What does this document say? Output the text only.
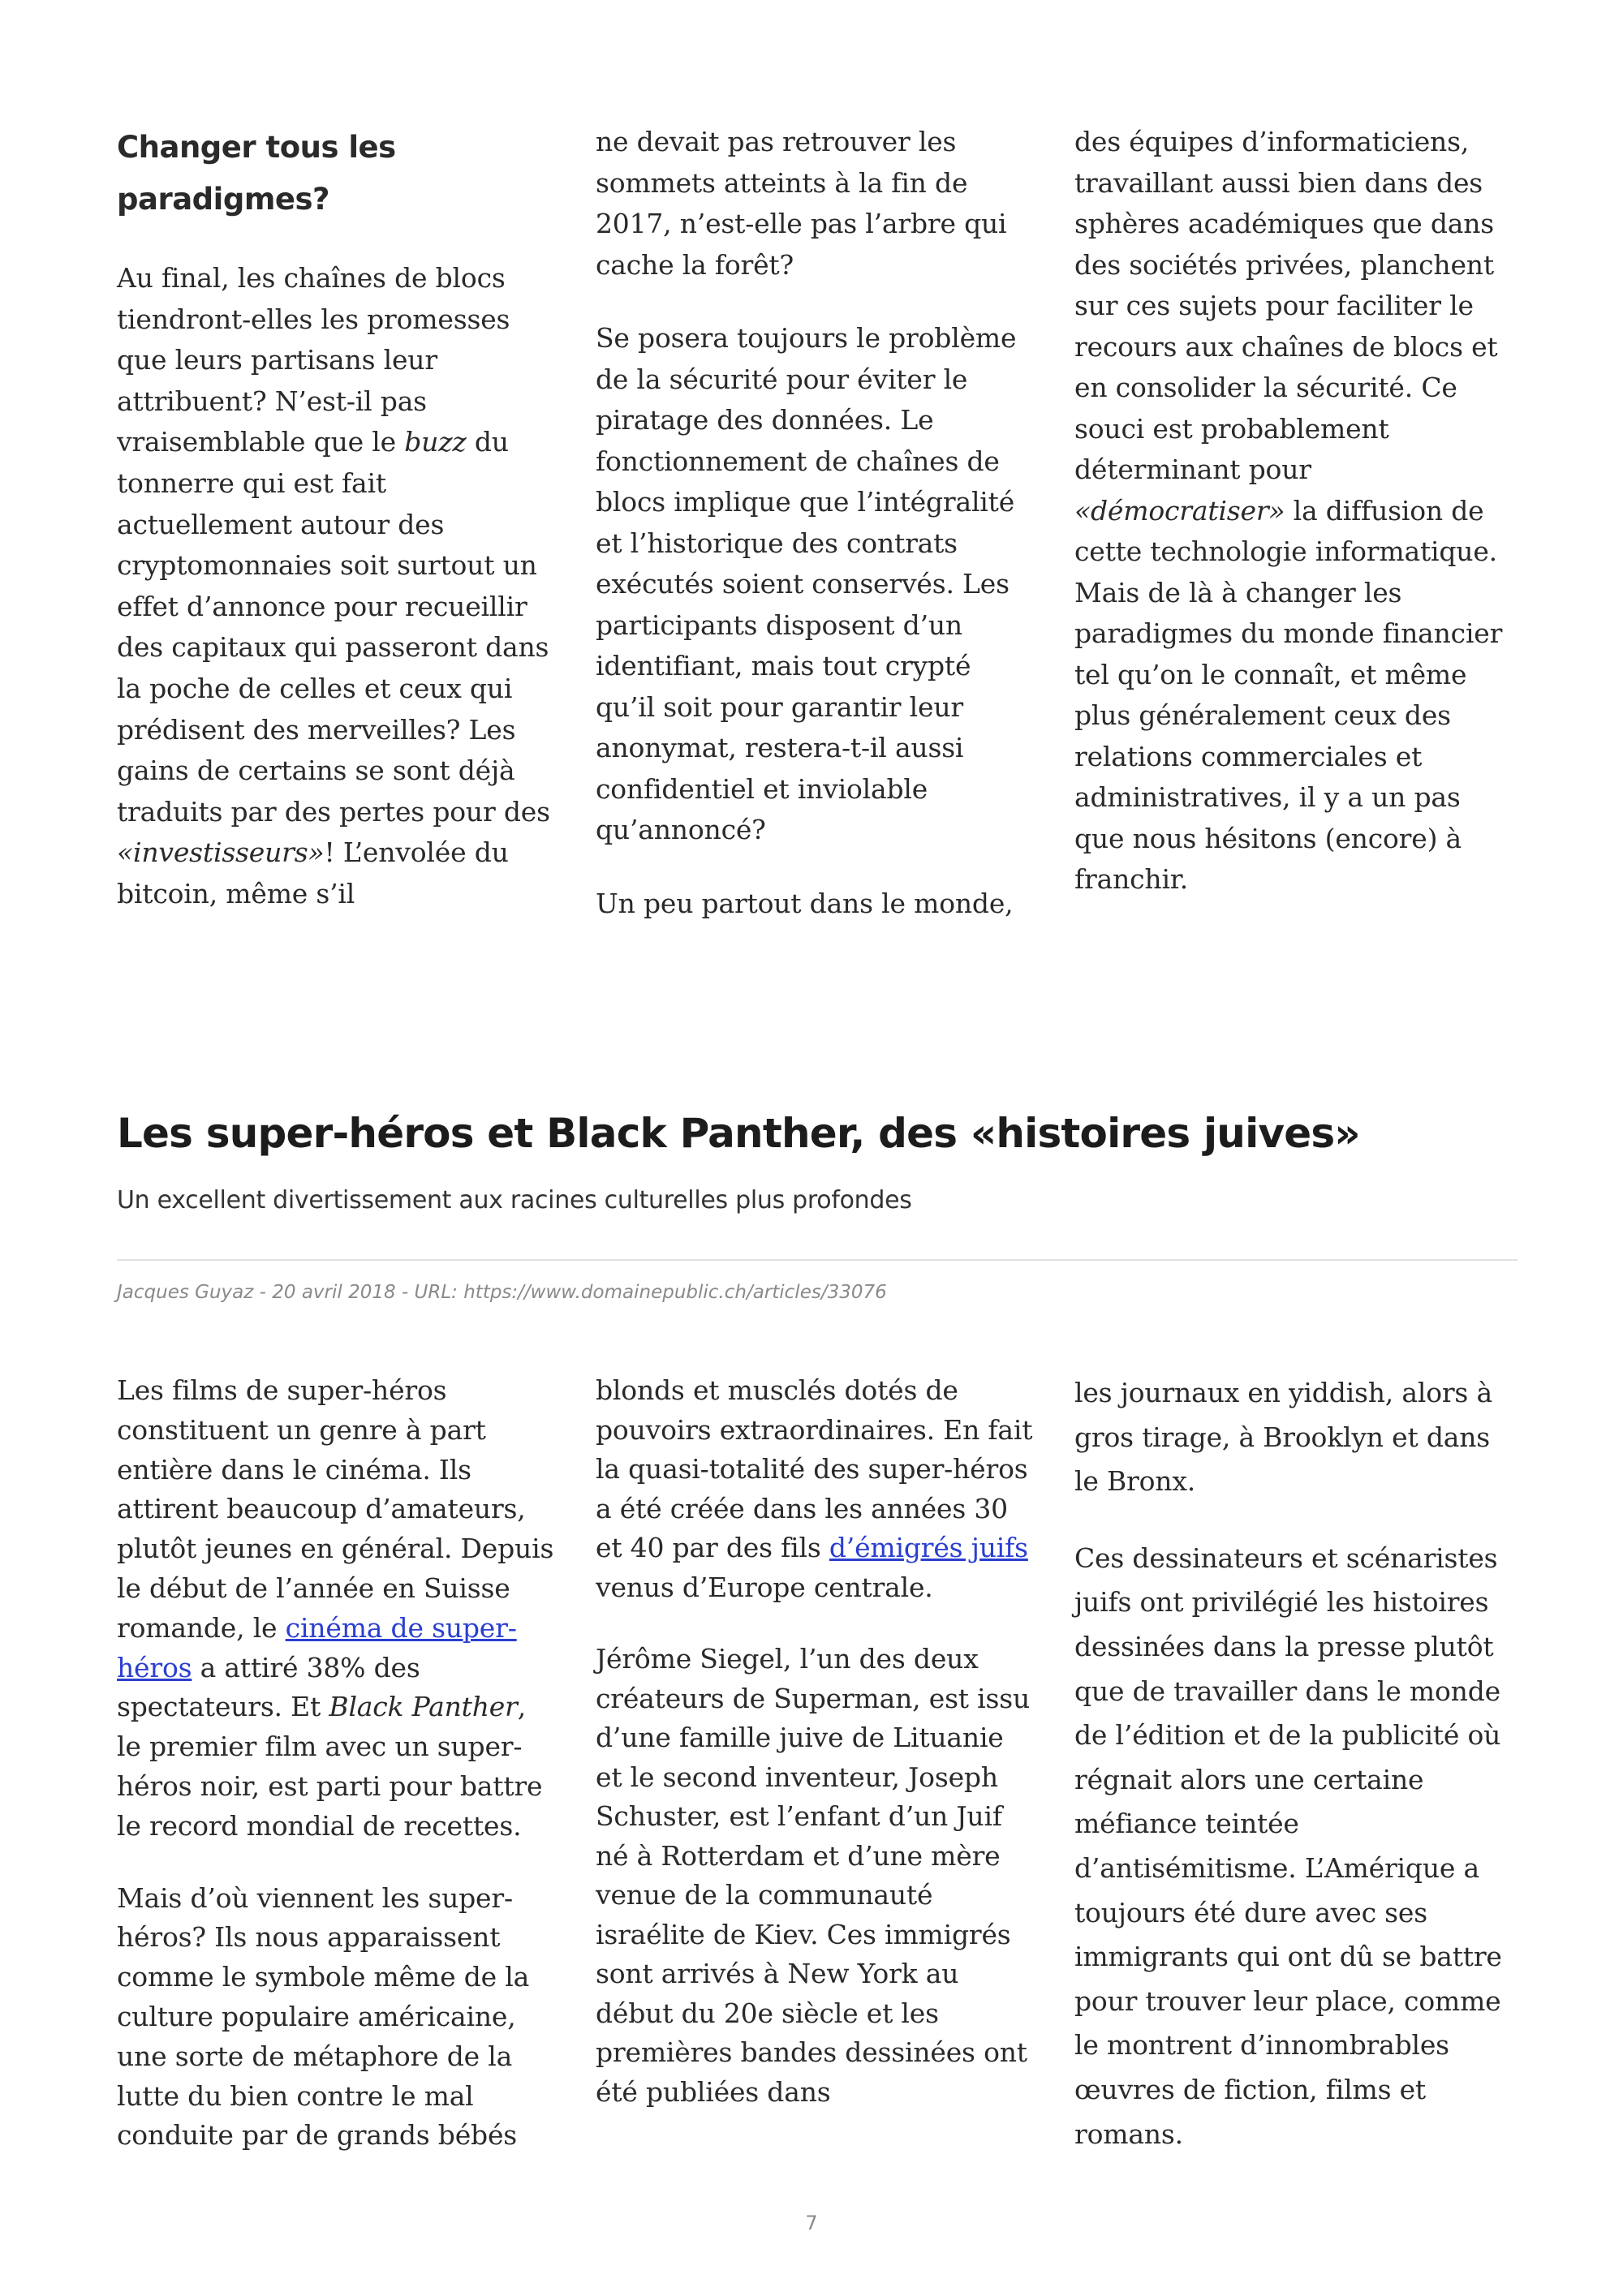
Changer tous les paradigmes?

Au final, les chaînes de blocs tiendront-elles les promesses que leurs partisans leur attribuent? N’est-il pas vraisemblable que le buzz du tonnerre qui est fait actuellement autour des cryptomonnaies soit surtout un effet d’annonce pour recueillir des capitaux qui passeront dans la poche de celles et ceux qui prédisent des merveilles? Les gains de certains se sont déjà traduits par des pertes pour des «investisseurs»! L’envolée du bitcoin, même s’il

ne devait pas retrouver les sommets atteints à la fin de 2017, n’est-elle pas l’arbre qui cache la forêt?

Se posera toujours le problème de la sécurité pour éviter le piratage des données. Le fonctionnement de chaînes de blocs implique que l’intégralité et l’historique des contrats exécutés soient conservés. Les participants disposent d’un identifiant, mais tout crypté qu’il soit pour garantir leur anonymat, restera-t-il aussi confidentiel et inviolable qu’annoncé?

Un peu partout dans le monde,

des équipes d’informaticiens, travaillant aussi bien dans des sphères académiques que dans des sociétés privées, planchent sur ces sujets pour faciliter le recours aux chaînes de blocs et en consolider la sécurité. Ce souci est probablement déterminant pour «démocratiser» la diffusion de cette technologie informatique. Mais de là à changer les paradigmes du monde financier tel qu’on le connaît, et même plus généralement ceux des relations commerciales et administratives, il y a un pas que nous hésitons (encore) à franchir.

Les super-héros et Black Panther, des «histoires juives»

Un excellent divertissement aux racines culturelles plus profondes

Jacques Guyaz - 20 avril 2018 - URL: https://www.domainepublic.ch/articles/33076

Les films de super-héros constituent un genre à part entière dans le cinéma. Ils attirent beaucoup d’amateurs, plutôt jeunes en général. Depuis le début de l’année en Suisse romande, le cinéma de super-héros a attiré 38% des spectateurs. Et Black Panther, le premier film avec un super-héros noir, est parti pour battre le record mondial de recettes.

Mais d’où viennent les super-héros? Ils nous apparaissent comme le symbole même de la culture populaire américaine, une sorte de métaphore de la lutte du bien contre le mal conduite par de grands bébés

blonds et musclés dotés de pouvoirs extraordinaires. En fait la quasi-totalité des super-héros a été créée dans les années 30 et 40 par des fils d’émigrés juifs venus d’Europe centrale.

Jérôme Siegel, l’un des deux créateurs de Superman, est issu d’une famille juive de Lituanie et le second inventeur, Joseph Schuster, est l’enfant d’un Juif né à Rotterdam et d’une mère venue de la communauté israélite de Kiev. Ces immigrés sont arrivés à New York au début du 20e siècle et les premières bandes dessinées ont été publiées dans

les journaux en yiddish, alors à gros tirage, à Brooklyn et dans le Bronx.

Ces dessinateurs et scénaristes juifs ont privilégié les histoires dessinées dans la presse plutôt que de travailler dans le monde de l’édition et de la publicité où régnait alors une certaine méfiance teintée d’antisémitisme. L’Amérique a toujours été dure avec ses immigrants qui ont dû se battre pour trouver leur place, comme le montrent d’innombrables œuvres de fiction, films et romans.

7
